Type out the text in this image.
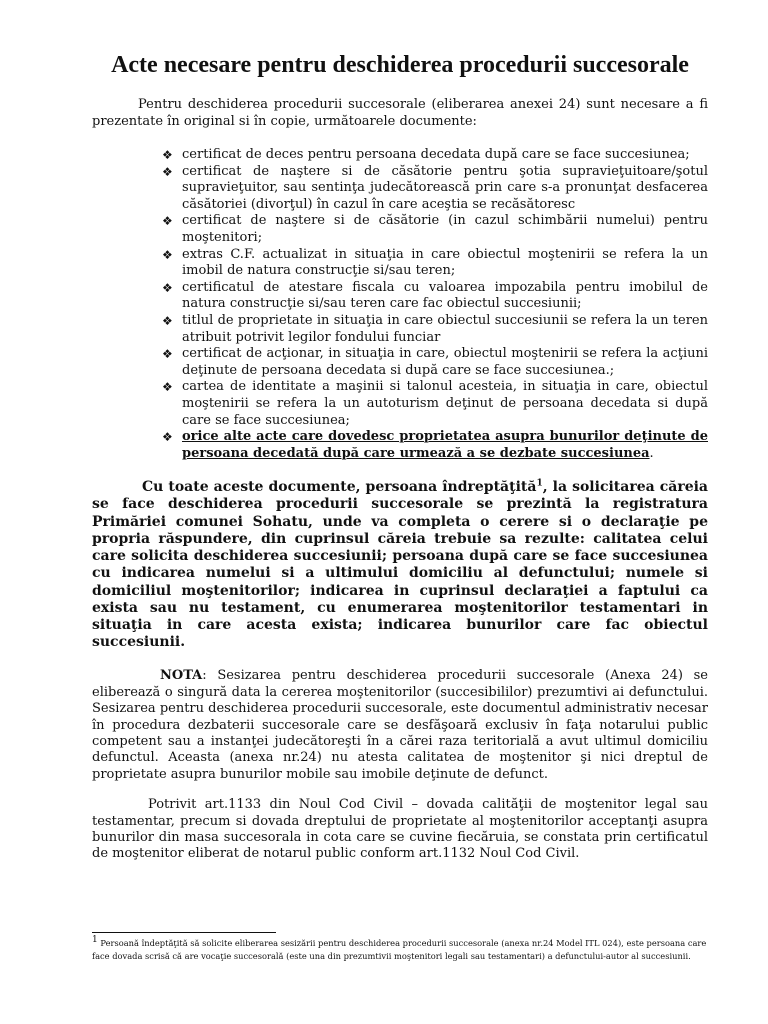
Acte necesare pentru deschiderea procedurii succesorale

Pentru deschiderea procedurii succesorale (eliberarea anexei 24) sunt necesare a fi prezentate în original si în copie, următoarele documente:

❖ certificat de deces pentru persoana decedata după care se face succesiunea;
❖ certificat de naştere si de căsătorie pentru şotia supravieţuitoare/şotul supravieţuitor, sau sentinţa judecătorească prin care s-a pronunţat desfacerea căsătoriei (divorţul) în cazul în care aceştia se recăsătoresc
❖ certificat de naştere si de căsătorie (in cazul schimbării numelui) pentru moştenitori;
❖ extras C.F. actualizat in situaţia in care obiectul moştenirii se refera la un imobil de natura construcţie si/sau teren;
❖ certificatul de atestare fiscala cu valoarea impozabila pentru imobilul de natura construcţie si/sau teren care fac obiectul succesiunii;
❖ titlul de proprietate in situaţia in care obiectul succesiunii se refera la un teren atribuit potrivit legilor fondului funciar
❖ certificat de acţionar, in situaţia in care, obiectul moştenirii se refera la acţiuni deţinute de persoana decedata si după care se face succesiunea.;
❖ cartea de identitate a maşinii si talonul acesteia, in situaţia in care, obiectul moştenirii se refera la un autoturism deţinut de persoana decedata si după care se face succesiunea;
❖ orice alte acte care dovedesc proprietatea asupra bunurilor deţinute de persoana decedată după care urmează a se dezbate succesiunea.

Cu toate aceste documente, persoana îndreptăţită$^1$, la solicitarea căreia se face deschiderea procedurii succesorale se prezintă la registratura Primăriei comunei Sohatu, unde va completa o cerere si o declaraţie pe propria răspundere, din cuprinsul căreia trebuie sa rezulte: calitatea celui care solicita deschiderea succesiunii; persoana după care se face succesiunea cu indicarea numelui si a ultimului domiciliu al defunctului; numele si domiciliul moştenitorilor; indicarea in cuprinsul declaraţiei a faptului ca exista sau nu testament, cu enumerarea moştenitorilor testamentari in situaţia in care acesta exista; indicarea bunurilor care fac obiectul succesiunii.

NOTA: Sesizarea pentru deschiderea procedurii succesorale (Anexa 24) se eliberează o singură data la cererea moştenitorilor (succesibililor) prezumtivi ai defunctului. Sesizarea pentru deschiderea procedurii succesorale, este documentul administrativ necesar în procedura dezbaterii succesorale care se desfăşoară exclusiv în faţa notarului public competent sau a instanţei judecătoreşti în a cărei raza teritorială a avut ultimul domiciliu defunctul. Aceasta (anexa nr.24) nu atesta calitatea de moştenitor şi nici dreptul de proprietate asupra bunurilor mobile sau imobile deţinute de defunct.

Potrivit art.1133 din Noul Cod Civil – dovada calităţii de moştenitor legal sau testamentar, precum si dovada dreptului de proprietate al moştenitorilor acceptanţi asupra bunurilor din masa succesorala in cota care se cuvine fiecăruia, se constata prin certificatul de moştenitor eliberat de notarul public conform art.1132 Noul Cod Civil.

$^1$ Persoană îndeptăţită să solicite eliberarea sesizării pentru deschiderea procedurii succesorale (anexa nr.24 Model ITL 024), este persoana care face dovada scrisă că are vocaţie succesorală (este una din prezumtivii moştenitori legali sau testamentari) a defunctului-autor al succesiunii.
